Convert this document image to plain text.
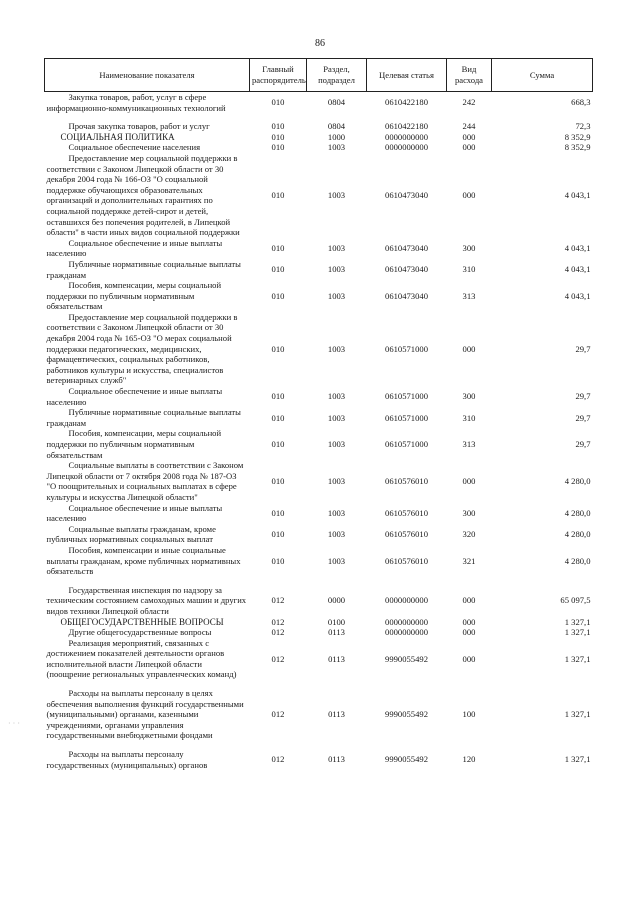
86
Наименование показателя	Главный распорядитель	Раздел, подраздел	Целевая статья	Вид расхода	Сумма
Закупка товаров, работ, услуг в сфере информационно-коммуникационных технологий	010	0804	0610422180	242	668,3

Прочая закупка товаров, работ и услуг	010	0804	0610422180	244	72,3
СОЦИАЛЬНАЯ ПОЛИТИКА	010	1000	0000000000	000	8 352,9
Социальное обеспечение населения	010	1003	0000000000	000	8 352,9
Предоставление мер социальной поддержки в соответствии с Законом Липецкой области от 30 декабря 2004 года № 166-ОЗ "О социальной поддержке обучающихся образовательных организаций и дополнительных гарантиях по социальной поддержке детей-сирот и детей, оставшихся без попечения родителей, в Липецкой области" в части иных видов социальной поддержки	010	1003	0610473040	000	4 043,1
Социальное обеспечение и иные выплаты населению	010	1003	0610473040	300	4 043,1
Публичные нормативные социальные выплаты гражданам	010	1003	0610473040	310	4 043,1
Пособия, компенсации, меры социальной поддержки по публичным нормативным обязательствам	010	1003	0610473040	313	4 043,1
Предоставление мер социальной поддержки в соответствии с Законом Липецкой области от 30 декабря 2004 года № 165-ОЗ "О мерах социальной поддержки педагогических, медицинских, фармацевтических, социальных работников, работников культуры и искусства, специалистов ветеринарных служб"	010	1003	0610571000	000	29,7
Социальное обеспечение и иные выплаты населению	010	1003	0610571000	300	29,7
Публичные нормативные социальные выплаты гражданам	010	1003	0610571000	310	29,7
Пособия, компенсации, меры социальной поддержки по публичным нормативным обязательствам	010	1003	0610571000	313	29,7
Социальные выплаты в соответствии с Законом Липецкой области от 7 октября 2008 года № 187-ОЗ "О поощрительных и социальных выплатах в сфере культуры и искусства Липецкой области"	010	1003	0610576010	000	4 280,0
Социальное обеспечение и иные выплаты населению	010	1003	0610576010	300	4 280,0
Социальные выплаты гражданам, кроме публичных нормативных социальных выплат	010	1003	0610576010	320	4 280,0
Пособия, компенсации и иные социальные выплаты гражданам, кроме публичных нормативных обязательств	010	1003	0610576010	321	4 280,0

Государственная инспекция по надзору за техническим состоянием самоходных машин и других видов техники Липецкой области	012	0000	0000000000	000	65 097,5
ОБЩЕГОСУДАРСТВЕННЫЕ ВОПРОСЫ	012	0100	0000000000	000	1 327,1
Другие общегосударственные вопросы	012	0113	0000000000	000	1 327,1
Реализация мероприятий, связанных с достижением показателей деятельности органов исполнительной власти Липецкой области (поощрение региональных управленческих команд)	012	0113	9990055492	000	1 327,1

Расходы на выплаты персоналу в целях обеспечения выполнения функций государственными (муниципальными) органами, казенными учреждениями, органами управления государственными внебюджетными фондами	012	0113	9990055492	100	1 327,1

Расходы на выплаты персоналу государственных (муниципальных) органов	012	0113	9990055492	120	1 327,1
· · ·
